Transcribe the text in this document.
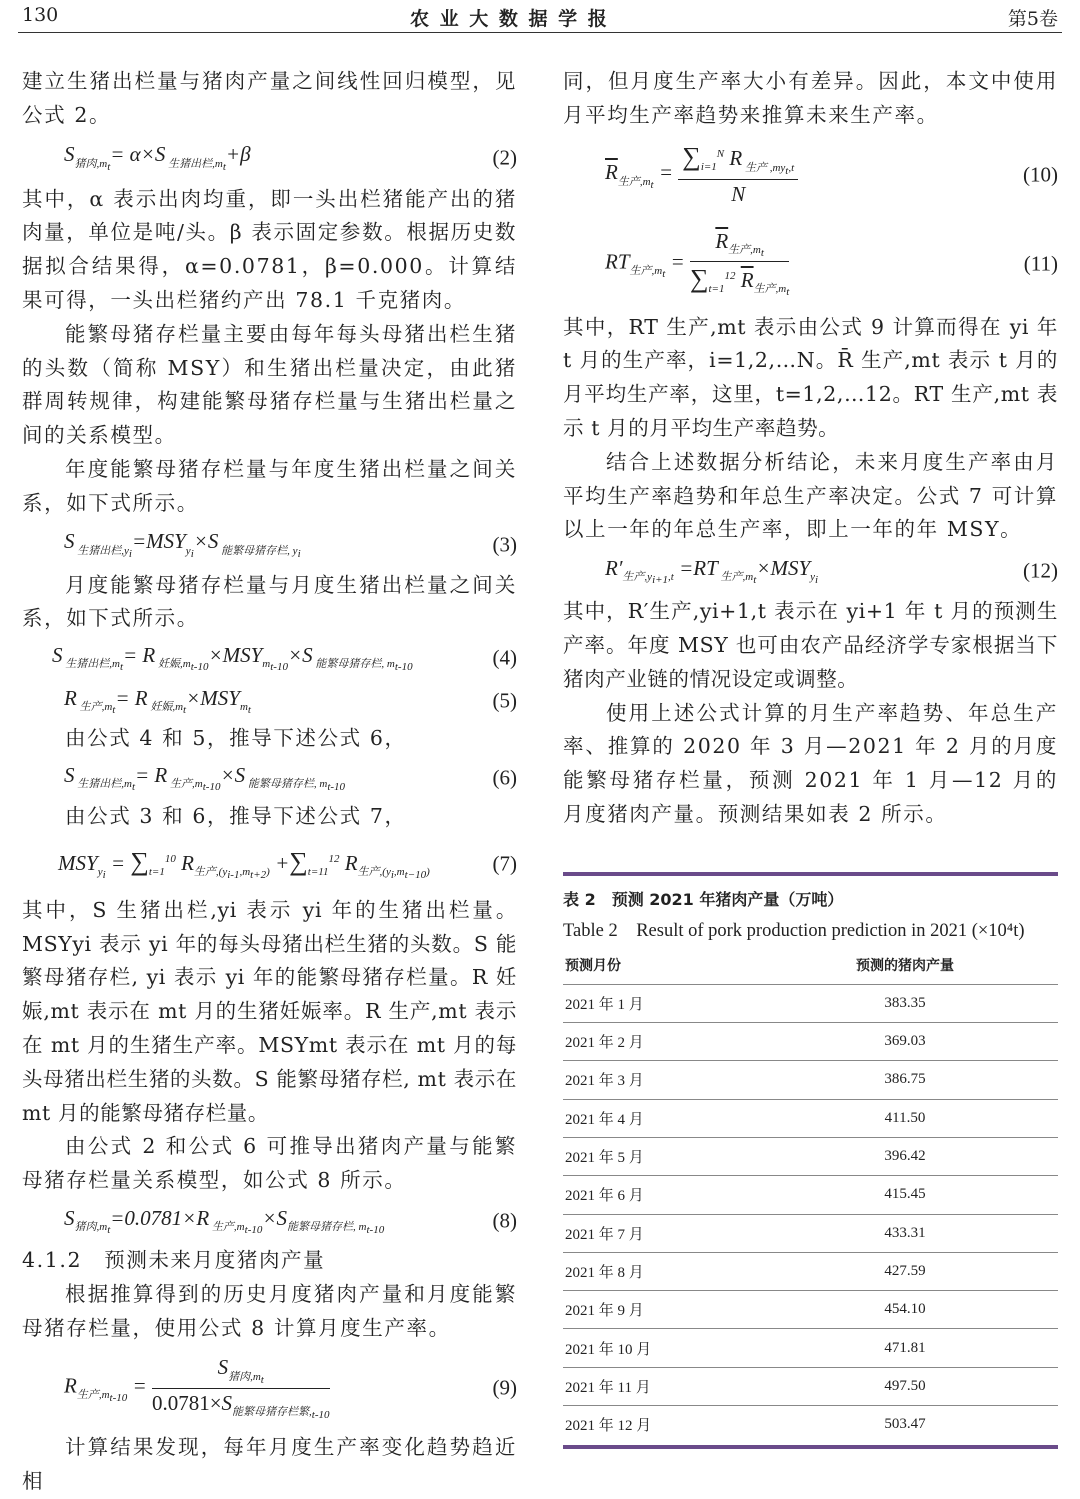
130	农 业 大 数 据 学 报	第5卷
建立生猪出栏量与猪肉产量之间线性回归模型，见公式 2。
$S_{猪肉,m_t}= \alpha\times S$ $_{生猪出栏,m_t}$+β	(2)
其中，α 表示出肉均重，即一头出栏猪能产出的猪肉量，单位是吨/头。β 表示固定参数。根据历史数据拟合结果得，α=0.0781，β=0.000。计算结果可得，一头出栏猪约产出 78.1 千克猪肉。
能繁母猪存栏量主要由每年每头母猪出栏生猪的头数（简称 MSY）和生猪出栏量决定，由此猪群周转规律，构建能繁母猪存栏量与生猪出栏量之间的关系模型。
年度能繁母猪存栏量与年度生猪出栏量之间关系，如下式所示。
S $_{生猪出栏,y_i}=MSY_{y_i}\times S$ $_{能繁母猪存栏, y_i}$	(3)
月度能繁母猪存栏量与月度生猪出栏量之间关系，如下式所示。
S $_{生猪出栏,m_t}$= R $_{妊娠,m_{t-10}}\times MSY_{m_{t-10}}\times S$ $_{能繁母猪存栏, m_{t-10}}$	(4)
R $_{生产,m_t}$= R $_{妊娠,m_t}\times MSY_{m_t}$	(5)
由公式 4 和 5，推导下述公式 6，
S $_{生猪出栏,m_t}$= R $_{生产,m_{t-10}}$×S $_{能繁母猪存栏, m_{t-10}}$	(6)
由公式 3 和 6，推导下述公式 7，
$MSY_{y_i} = \sum_{t=1}^{10}$ $R_{生产,(y_{i-1},m_{t+2})} +\sum_{t=11}^{12}$ $R_{生产,(y_i,m_{t-10})}$	(7)
其中，S 生猪出栏,yi 表示 yi 年的生猪出栏量。MSYyi 表示 yi 年的每头母猪出栏生猪的头数。S 能繁母猪存栏, yi 表示 yi 年的能繁母猪存栏量。R 妊娠,mt 表示在 mt 月的生猪妊娠率。R 生产,mt 表示在 mt 月的生猪生产率。MSYmt 表示在 mt 月的每头母猪出栏生猪的头数。S 能繁母猪存栏, mt 表示在 mt 月的能繁母猪存栏量。
由公式 2 和公式 6 可推导出猪肉产量与能繁母猪存栏量关系模型，如公式 8 所示。
$S_{猪肉,m_t}=0.0781\times R$ $_{生产,m_{t-10}}\times S_{能繁母猪存栏, m_{t-10}}$	(8)
4.1.2　预测未来月度猪肉产量
根据推算得到的历史月度猪肉产量和月度能繁母猪存栏量，使用公式 8 计算月度生产率。
$R_{生产,m_{t-10}} = \frac{S_{猪肉,m_t}}{0.0781\times S_{能繁母猪存栏繁,_{t-10}}}$	(9)
计算结果发现，每年月度生产率变化趋势趋近相
同，但月度生产率大小有差异。因此，本文中使用月平均生产率趋势来推算未来生产率。
$\overline{R}_{生产,m_t} = \frac{\sum_{i=1}^N R _{生产 ,my_t,t}}{N}$	(10)
$RT_{生产,m_t} = \frac{\overline{R}_{生产,m_t}}{\sum_{t=1}^{12} \overline{R}_{生产,m_t}}$	(11)
其中，RT 生产,mt 表示由公式 9 计算而得在 yi 年 t 月的生产率，i=1,2,…N。R̄ 生产,mt 表示 t 月的月平均生产率，这里，t=1,2,…12。RT 生产,mt 表示 t 月的月平均生产率趋势。
结合上述数据分析结论，未来月度生产率由月平均生产率趋势和年总生产率决定。公式 7 可计算以上一年的年总生产率，即上一年的年 MSY。
$R'_{生产,y_{i+1},t} =RT$ $_{生产,m_t}\times MSY_{y_i}$	(12)
其中，R′生产,yi+1,t 表示在 yi+1 年 t 月的预测生产率。年度 MSY 也可由农产品经济学专家根据当下猪肉产业链的情况设定或调整。
使用上述公式计算的月生产率趋势、年总生产率、推算的 2020 年 3 月—2021 年 2 月的月度能繁母猪存栏量，预测 2021 年 1 月—12 月的月度猪肉产量。预测结果如表 2 所示。
表 2　预测 2021 年猪肉产量（万吨）
Table 2　Result of pork production prediction in 2021 (×10⁴t)
预测月份	预测的猪肉产量
2021 年 1 月	383.35
2021 年 2 月	369.03
2021 年 3 月	386.75
2021 年 4 月	411.50
2021 年 5 月	396.42
2021 年 6 月	415.45
2021 年 7 月	433.31
2021 年 8 月	427.59
2021 年 9 月	454.10
2021 年 10 月	471.81
2021 年 11 月	497.50
2021 年 12 月	503.47
